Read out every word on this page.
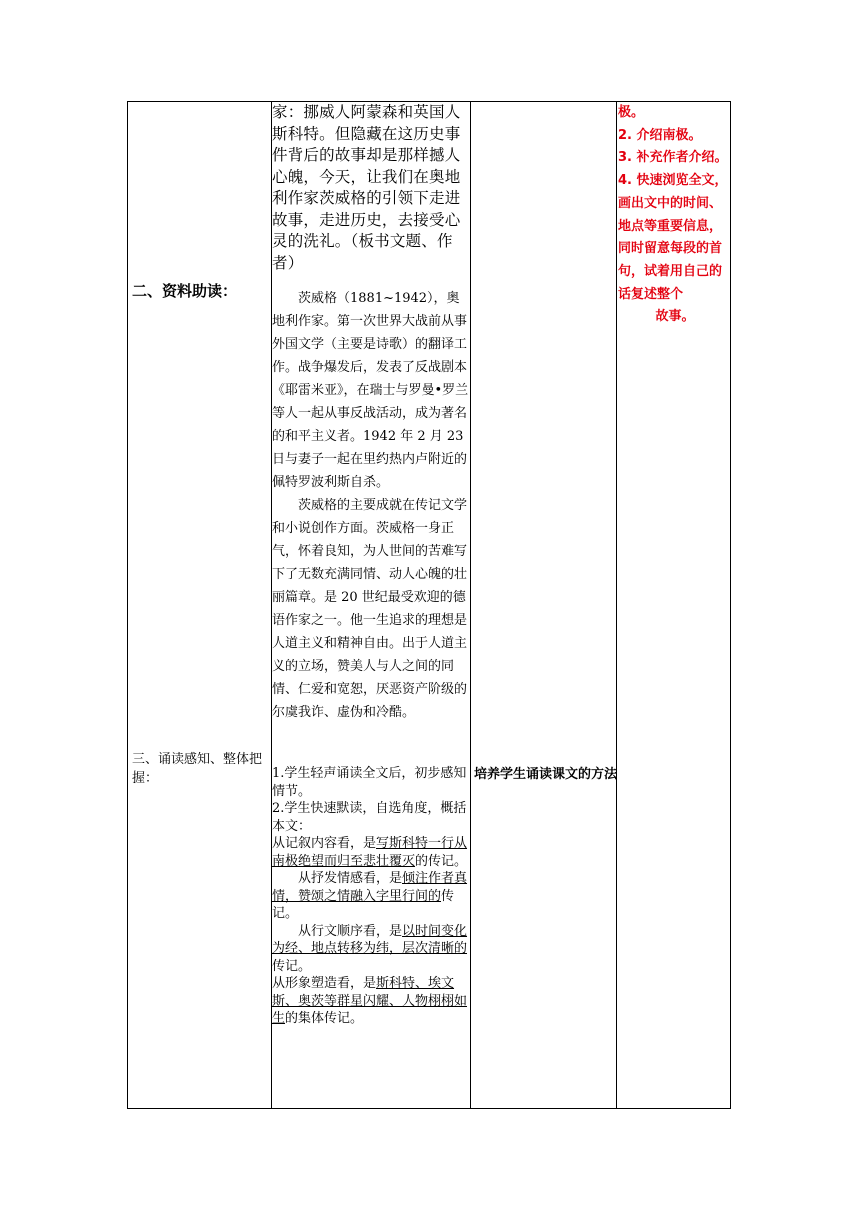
二、资料助读：
三、诵读感知、整体把握：

家：挪威人阿蒙森和英国人斯科特。但隐藏在这历史事件背后的故事却是那样撼人心魄，今天，让我们在奥地利作家茨威格的引领下走进故事，走进历史，去接受心灵的洗礼。（板书文题、作者）

茨威格（1881~1942），奥地利作家。第一次世界大战前从事外国文学（主要是诗歌）的翻译工作。战争爆发后，发表了反战剧本《耶雷米亚》，在瑞士与罗曼•罗兰等人一起从事反战活动，成为著名的和平主义者。1942 年 2 月 23 日与妻子一起在里约热内卢附近的佩特罗波利斯自杀。

茨威格的主要成就在传记文学和小说创作方面。茨威格一身正气，怀着良知，为人世间的苦难写下了无数充满同情、动人心魄的壮丽篇章。是 20 世纪最受欢迎的德语作家之一。他一生追求的理想是人道主义和精神自由。出于人道主义的立场，赞美人与人之间的同情、仁爱和宽恕，厌恶资产阶级的尔虞我诈、虚伪和冷酷。

1.学生轻声诵读全文后，初步感知情节。
2.学生快速默读，自选角度，概括本文：
从记叙内容看，是写斯科特一行从南极绝望而归至悲壮覆灭的传记。
从抒发情感看，是倾注作者真情，赞颂之情融入字里行间的传记。
从行文顺序看，是以时间变化为经、地点转移为纬，层次清晰的传记。
从形象塑造看，是斯科特、埃文斯、奥茨等群星闪耀、人物栩栩如生的集体传记。
培养学生诵读课文的方法
极。
2. 介绍南极。
3. 补充作者介绍。
4. 快速浏览全文，画出文中的时间、地点等重要信息，同时留意每段的首句，试着用自己的话复述整个
故事。
